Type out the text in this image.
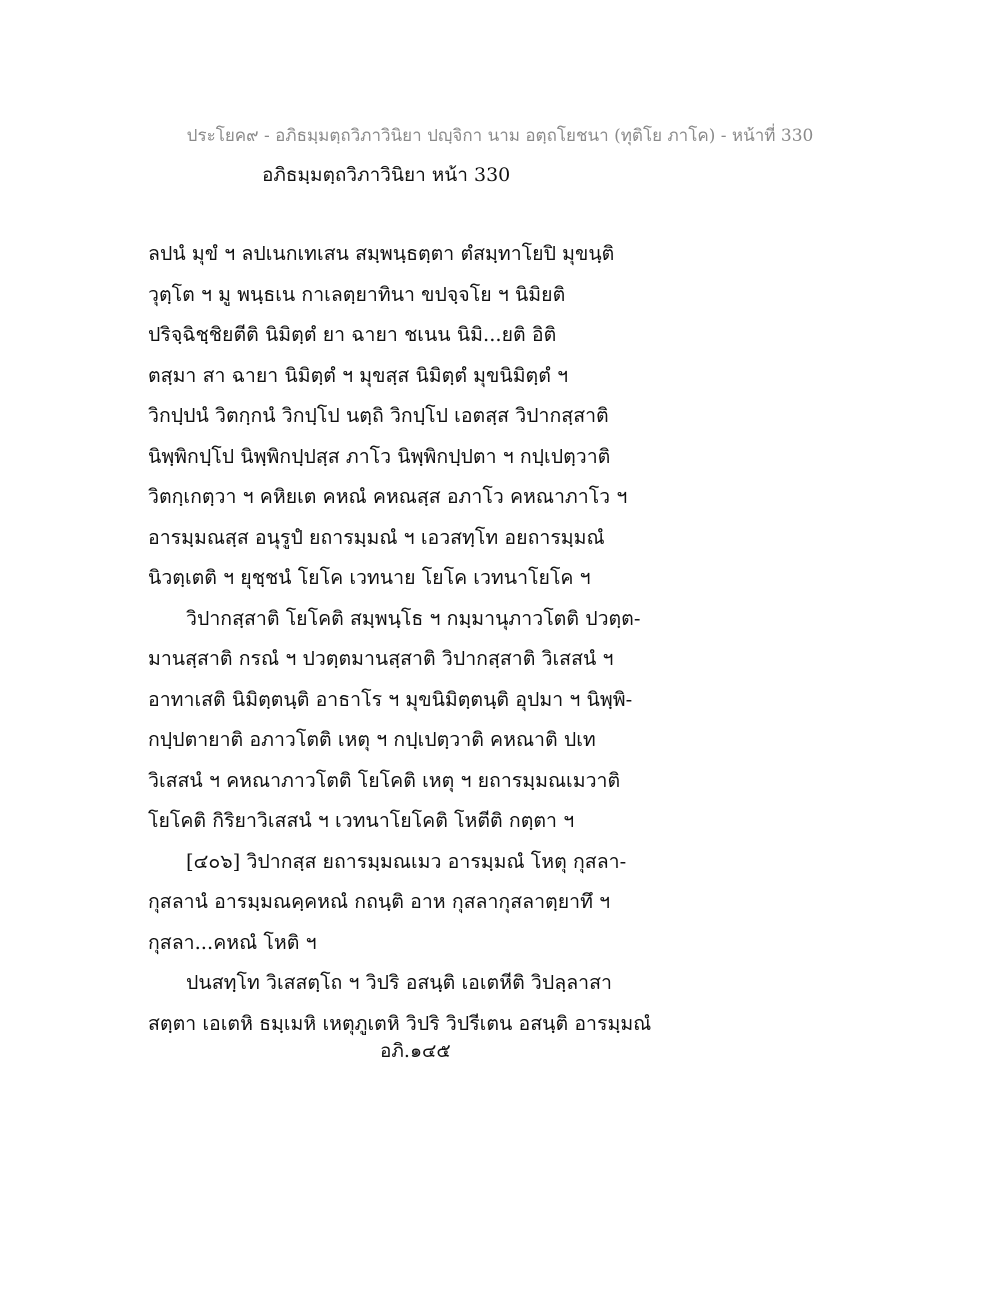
ประโยค๙ - อภิธมฺมตฺถวิภาวินิยา ปญฺจิกา นาม อตฺถโยชนา (ทุติโย ภาโค) - หน้าที่ 330
อภิธมฺมตฺถวิภาวินิยา หน้า 330
ลปนํ มุขํ ฯ ลปเนกเทเสน สมฺพนฺธตฺตา ตํสมฺทาโยปิ มุขนฺติ
วุตฺโต ฯ มู พนฺธเน กาเลตฺยาทินา ขปจฺจโย ฯ นิมิยติ
ปริจฺฉิชฺชิยตีติ นิมิตฺตํ ยา ฉายา ชเนน นิมิ...ยติ อิติ
ตสฺมา สา ฉายา นิมิตฺตํ ฯ มุขสฺส นิมิตฺตํ มุขนิมิตฺตํ ฯ
วิกปฺปนํ วิตกฺกนํ วิกปฺโป นตฺถิ วิกปฺโป เอตสฺส วิปากสฺสาติ
นิพฺพิกปฺโป นิพฺพิกปฺปสฺส ภาโว นิพฺพิกปฺปตา ฯ กปฺเปตฺวาติ
วิตกฺเกตฺวา ฯ คหิยเต คหณํ คหณสฺส อภาโว คหณาภาโว ฯ
อารมฺมณสฺส อนุรูปํ ยถารมฺมณํ ฯ เอวสทฺโท อยถารมฺมณํ
นิวตฺเตติ ฯ ยุชฺชนํ โยโค เวทนาย โยโค เวทนาโยโค ฯ
วิปากสฺสาติ โยโคติ สมฺพนฺโธ ฯ กมฺมานุภาวโตติ ปวตฺต-
มานสฺสาติ กรณํ ฯ ปวตฺตมานสฺสาติ วิปากสฺสาติ วิเสสนํ ฯ
อาทาเสติ นิมิตฺตนฺติ อาธาโร ฯ มุขนิมิตฺตนฺติ อุปมา ฯ นิพฺพิ-
กปฺปตายาติ อภาวโตติ เหตุ ฯ กปฺเปตฺวาติ คหณาติ ปเท
วิเสสนํ ฯ คหณาภาวโตติ โยโคติ เหตุ ฯ ยถารมฺมณเมวาติ
โยโคติ กิริยาวิเสสนํ ฯ เวทนาโยโคติ โหตีติ กตฺตา ฯ
[๔๐๖] วิปากสฺส ยถารมฺมณเมว อารมฺมณํ โหตุ กุสลา-
กุสลานํ อารมฺมณคฺคหณํ กถนฺติ อาห กุสลากุสลาตฺยาทึ ฯ
กุสลา...คหณํ โหติ ฯ
ปนสทฺโท วิเสสตฺโถ ฯ วิปริ อสนฺติ เอเตหีติ วิปลฺลาสา
สตฺตา เอเตหิ ธมฺเมหิ เหตุภูเตหิ วิปริ วิปรีเตน อสนฺติ อารมฺมณํ
อภิ.๑๔๕
